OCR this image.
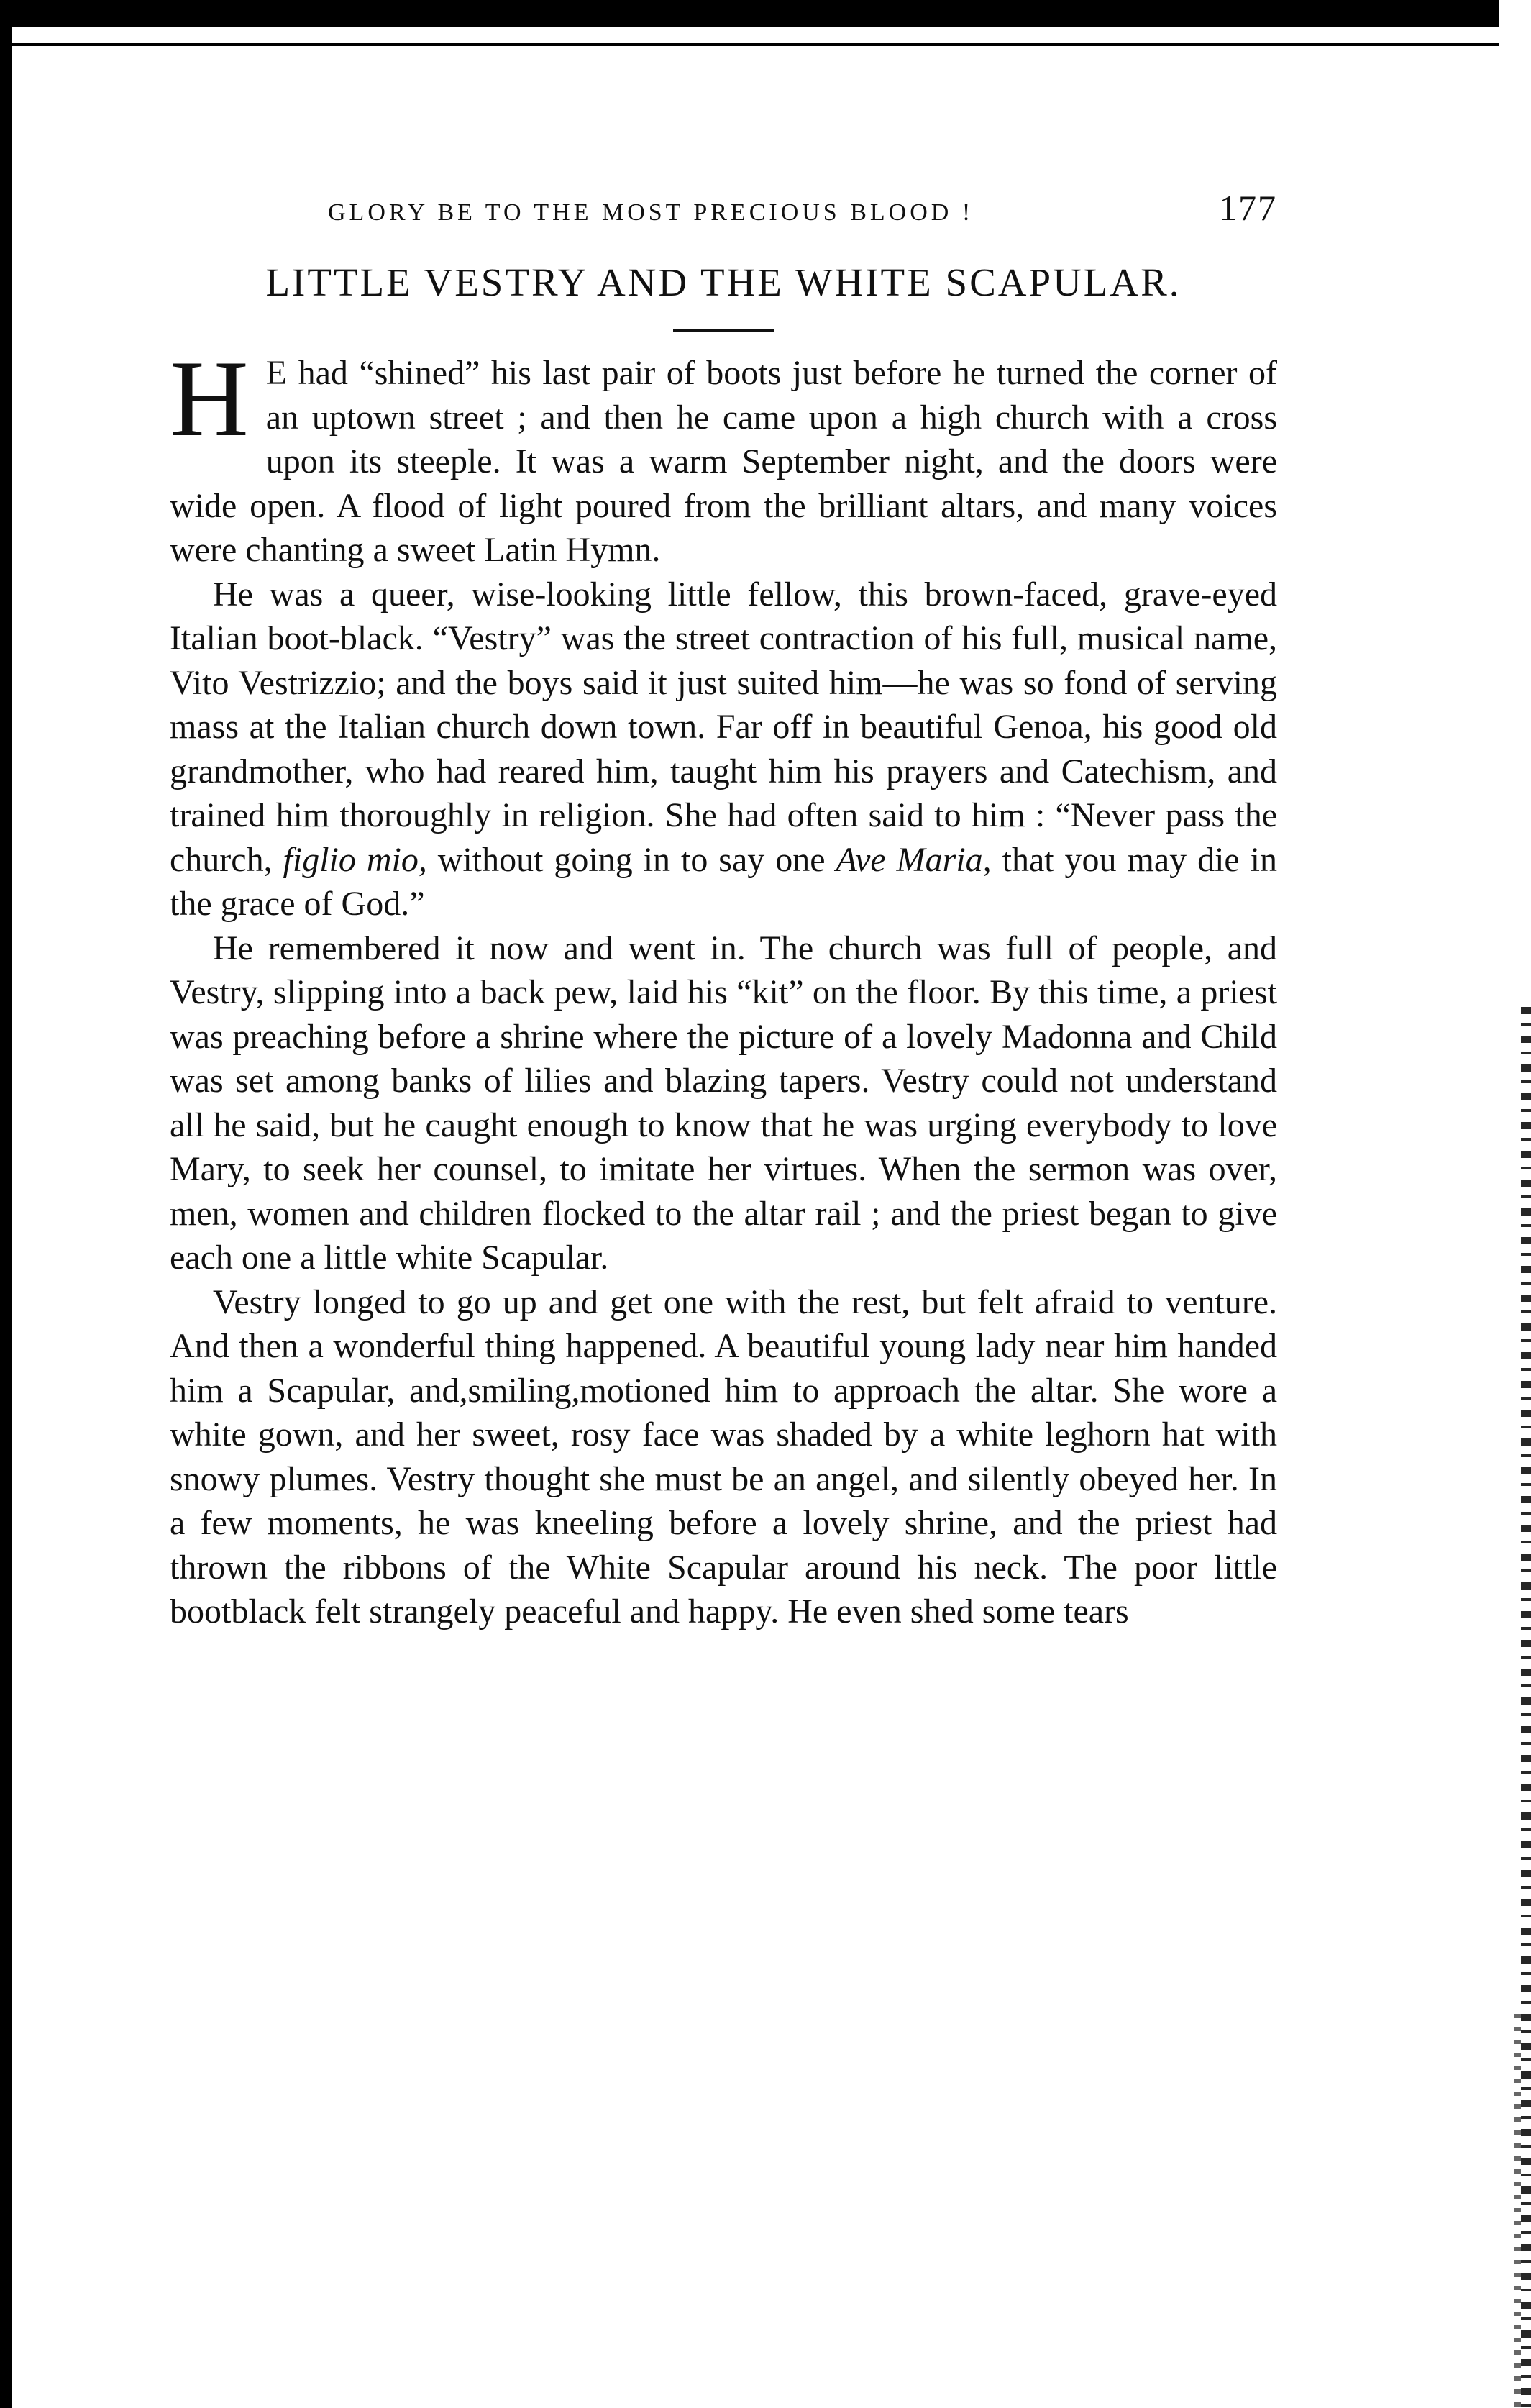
GLORY BE TO THE MOST PRECIOUS BLOOD !	177
LITTLE VESTRY AND THE WHITE SCAPULAR.

H E had “shined” his last pair of boots just before he turned the corner of an uptown street ; and then he came upon a high church with a cross upon its steeple. It was a warm September night, and the doors were wide open. A flood of light poured from the brilliant altars, and many voices were chanting a sweet Latin Hymn.

He was a queer, wise-looking little fellow, this brown-faced, grave-eyed Italian boot-black. “Vestry” was the street contraction of his full, musical name, Vito Vestrizzio; and the boys said it just suited him—he was so fond of serving mass at the Italian church down town. Far off in beautiful Genoa, his good old grandmother, who had reared him, taught him his prayers and Catechism, and trained him thoroughly in religion. She had often said to him : “Never pass the church, figlio mio, without going in to say one Ave Maria, that you may die in the grace of God.”

He remembered it now and went in. The church was full of people, and Vestry, slipping into a back pew, laid his “kit” on the floor. By this time, a priest was preaching before a shrine where the picture of a lovely Madonna and Child was set among banks of lilies and blazing tapers. Vestry could not understand all he said, but he caught enough to know that he was urging everybody to love Mary, to seek her counsel, to imitate her virtues. When the sermon was over, men, women and children flocked to the altar rail ; and the priest began to give each one a little white Scapular.

Vestry longed to go up and get one with the rest, but felt afraid to venture. And then a wonderful thing happened. A beautiful young lady near him handed him a Scapular, and,smiling,motioned him to approach the altar. She wore a white gown, and her sweet, rosy face was shaded by a white leghorn hat with snowy plumes. Vestry thought she must be an angel, and silently obeyed her. In a few moments, he was kneeling before a lovely shrine, and the priest had thrown the ribbons of the White Scapular around his neck. The poor little bootblack felt strangely peaceful and happy. He even shed some tears
